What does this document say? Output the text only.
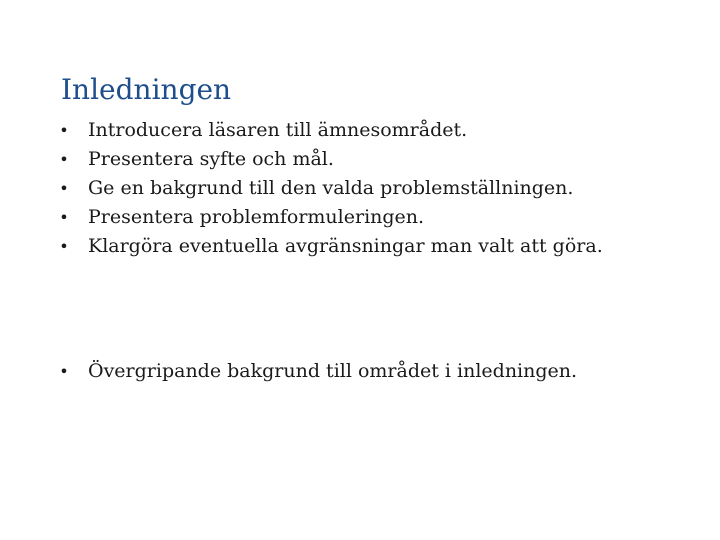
Inledningen
• Introducera läsaren till ämnesområdet.
• Presentera syfte och mål.
• Ge en bakgrund till den valda problemställningen.
• Presentera problemformuleringen.
• Klargöra eventuella avgränsningar man valt att göra.
• Övergripande bakgrund till området i inledningen.
